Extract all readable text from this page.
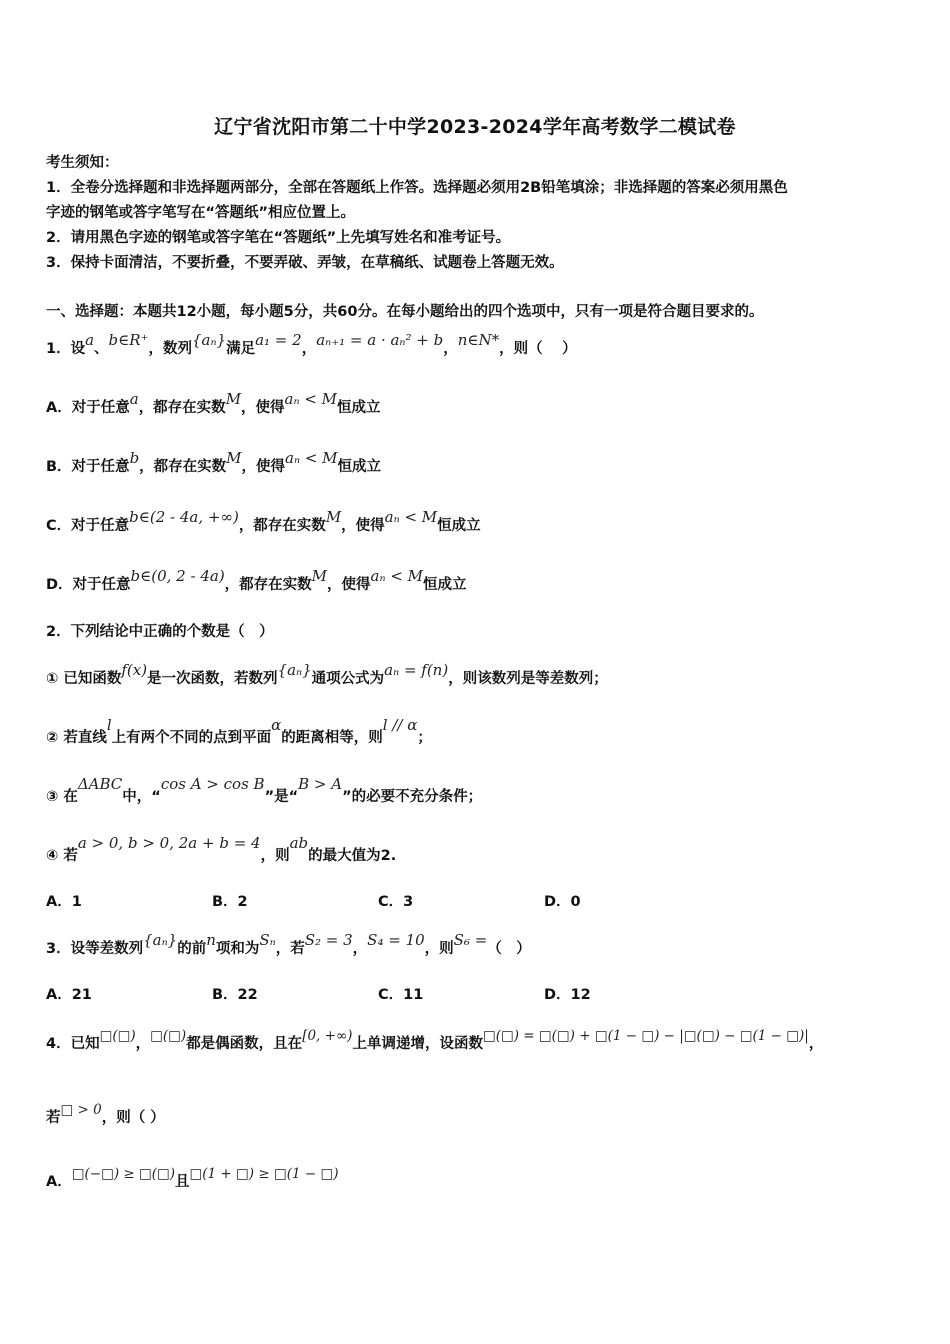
辽宁省沈阳市第二十中学2023-2024学年高考数学二模试卷
考生须知：
1．全卷分选择题和非选择题两部分，全部在答题纸上作答。选择题必须用2B铅笔填涂；非选择题的答案必须用黑色
字迹的钢笔或答字笔写在“答题纸”相应位置上。
2．请用黑色字迹的钢笔或答字笔在“答题纸”上先填写姓名和准考证号。
3．保持卡面清洁，不要折叠，不要弄破、弄皱，在草稿纸、试题卷上答题无效。
一、选择题：本题共12小题，每小题5分，共60分。在每小题给出的四个选项中，只有一项是符合题目要求的。
1．设a、b∈R⁺，数列{aₙ}满足a₁ = 2，aₙ₊₁ = a · aₙ² + b，n∈N*，则（　 ）
A．对于任意a，都存在实数M，使得aₙ < M恒成立
B．对于任意b，都存在实数M，使得aₙ < M恒成立
C．对于任意b∈(2 - 4a, +∞)，都存在实数M，使得aₙ < M恒成立
D．对于任意b∈(0, 2 - 4a)，都存在实数M，使得aₙ < M恒成立
2．下列结论中正确的个数是（　）
① 已知函数f(x)是一次函数，若数列{aₙ}通项公式为aₙ = f(n)，则该数列是等差数列；
② 若直线l上有两个不同的点到平面α的距离相等，则l // α；
③ 在ΔABC中，“cos A > cos B”是“B > A”的必要不充分条件；
④ 若a > 0, b > 0, 2a + b = 4，则ab的最大值为2.
A．1	B．2	C．3	D．0
3．设等差数列{aₙ}的前n项和为Sₙ，若S₂ = 3，S₄ = 10，则S₆ =（　）
A．21	B．22	C．11	D．12
4．已知□(□)，□(□)都是偶函数，且在[0, +∞)上单调递增，设函数□(□) = □(□) + □(1 − □) − |□(□) − □(1 − □)|，
若□ > 0，则（ ）
A．□(−□) ≥ □(□)且□(1 + □) ≥ □(1 − □)
